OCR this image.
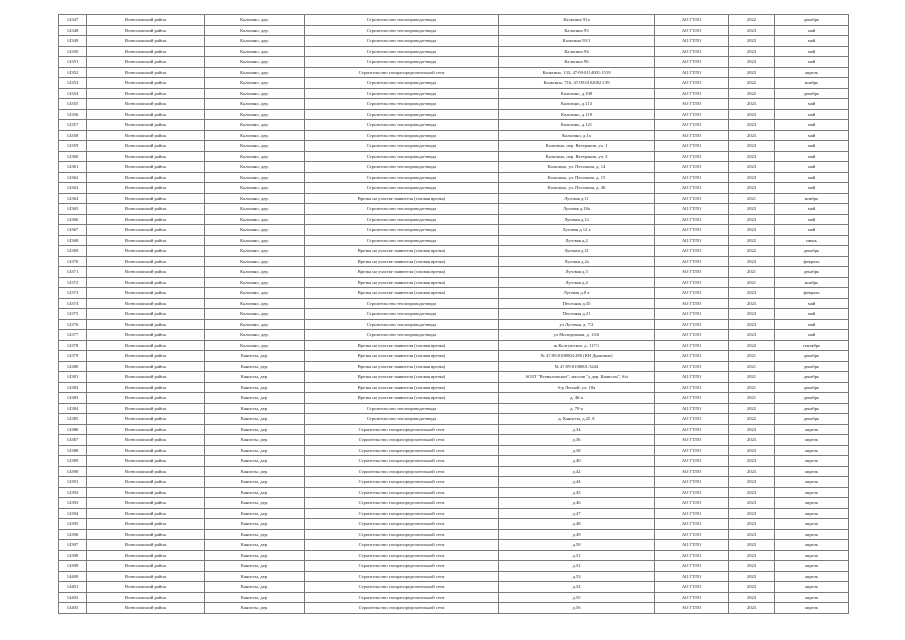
14347	Всеволожский район	Кальтино, дер.	Строительство теплопровода-ввода	Кальтино 91а	АО ГТЛО	2022	декабрь
14348	Всеволожский район	Кальтино, дер.	Строительство теплопровода-ввода	Кальтино 93	АО ГТЛО	2023	май
14349	Всеволожский район	Кальтино, дер.	Строительство теплопровода-ввода	Кальтино 93/1	АО ГТЛО	2023	май
14350	Всеволожский район	Кальтино, дер.	Строительство теплопровода-ввода	Кальтино 94	АО ГТЛО	2023	май
14351	Всеволожский район	Кальтино, дер.	Строительство теплопровода-ввода	Кальтино 96	АО ГТЛО	2023	май
14352	Всеволожский район	Кальтино, дер.	Строительство газораспределительной сети	Кальтино, 133, 47:09:0114001:1519	АО ГТЛО	2023	апрель
14353	Всеволожский район	Кальтино, дер.	Строительство теплопровода-ввода	Кальтино, 716, 47:09:0102002:139	АО ГТЛО	2022	ноябрь
14354	Всеволожский район	Кальтино, дер.	Строительство теплопровода-ввода	Кальтино, д.108	АО ГТЛО	2022	декабрь
14355	Всеволожский район	Кальтино, дер.	Строительство теплопровода-ввода	Кальтино, д.113	АО ГТЛО	2023	май
14356	Всеволожский район	Кальтино, дер.	Строительство теплопровода-ввода	Кальтино, д.119	АО ГТЛО	2023	май
14357	Всеволожский район	Кальтино, дер.	Строительство теплопровода-ввода	Кальтино, д.121	АО ГТЛО	2023	май
14358	Всеволожский район	Кальтино, дер.	Строительство теплопровода-ввода	Кальтино, д.1а	АО ГТЛО	2023	май
14359	Всеволожский район	Кальтино, дер.	Строительство теплопровода-ввода	Кальтино, пер. Ветеранов, уч. 1	АО ГТЛО	2023	май
14360	Всеволожский район	Кальтино, дер.	Строительство теплопровода-ввода	Кальтино, пер. Ветеранов, уч. 3	АО ГТЛО	2023	май
14361	Всеволожский район	Кальтино, дер.	Строительство теплопровода-ввода	Кальтино, ул. Песочная, д. 14	АО ГТЛО	2023	май
14362	Всеволожский район	Кальтино, дер.	Строительство теплопровода-ввода	Кальтино, ул. Песочная, д. 15	АО ГТЛО	2023	май
14363	Всеволожский район	Кальтино, дер.	Строительство теплопровода-ввода	Кальтино, ул. Песочная, д. 40	АО ГТЛО	2023	май
14364	Всеволожский район	Кальтино, дер.	Врезка на участке заявителя (газовая врезка)	Луговая д.11	АО ГТЛО	2021	ноябрь
14365	Всеволожский район	Кальтино, дер.	Строительство теплопровода-ввода	Луговая д.10а	АО ГТЛО	2023	май
14366	Всеволожский район	Кальтино, дер.	Строительство теплопровода-ввода	Луговая д.12	АО ГТЛО	2023	май
14367	Всеволожский район	Кальтино, дер.	Строительство теплопровода-ввода	Луговая д.12 а	АО ГТЛО	2023	май
14368	Всеволожский район	Кальтино, дер.	Строительство теплопровода-ввода	Луговая д.2	АО ГТЛО	2022	июнь
14369	Всеволожский район	Кальтино, дер.	Врезка на участке заявителя (газовая врезка)	Луговая д.21	АО ГТЛО	2022	декабрь
14370	Всеволожский район	Кальтино, дер.	Врезка на участке заявителя (газовая врезка)	Луговая д.2а	АО ГТЛО	2023	февраль
14371	Всеволожский район	Кальтино, дер.	Врезка на участке заявителя (газовая врезка)	Луговая д.3	АО ГТЛО	2021	декабрь
14372	Всеволожский район	Кальтино, дер.	Врезка на участке заявителя (газовая врезка)	Луговая д.4	АО ГТЛО	2021	ноябрь
14373	Всеволожский район	Кальтино, дер.	Врезка на участке заявителя (газовая врезка)	Луговая д.8 а	АО ГТЛО	2023	февраль
14374	Всеволожский район	Кальтино, дер.	Строительство теплопровода-ввода	Песочная д.35	АО ГТЛО	2023	май
14375	Всеволожский район	Кальтино, дер.	Строительство теплопровода-ввода	Песочная д.21	АО ГТЛО	2023	май
14376	Всеволожский район	Кальтино, дер.	Строительство теплопровода-ввода	ул Луговая, д. 7/2	АО ГТЛО	2023	май
14377	Всеволожский район	Кальтино, дер.	Строительство теплопровода-ввода	ул Молодежная, д. 13/6	АО ГТЛО	2023	май
14378	Всеволожский район	Кальтино, дер.	Врезка на участке заявителя (газовая врезка)	ш Колтушское, д. 117/1	АО ГТЛО	2022	сентябрь
14379	Всеволожский район	Канисты, дер.	Врезка на участке заявителя (газовая врезка)	№ 47:09:0108004:280 (КН Дымовые)	АО ГТЛО	2021	декабрь
14380	Всеволожский район	Канисты, дер.	Врезка на участке заявителя (газовая врезка)	№ 47:09:0108001:3244	АО ГТЛО	2021	декабрь
14381	Всеволожский район	Канисты, дер.	Врезка на участке заявителя (газовая врезка)	АОЗТ "Всеволожское", массив "у дер. Канисты", б/н	АО ГТЛО	2021	декабрь
14382	Всеволожский район	Канисты, дер.	Врезка на участке заявителя (газовая врезка)	б-р Лесной, уч. 18а	АО ГТЛО	2021	декабрь
14383	Всеволожский район	Канисты, дер.	Врезка на участке заявителя (газовая врезка)	д. 46-а	АО ГТЛО	2021	декабрь
14384	Всеволожский район	Канисты, дер.	Строительство теплопровода-ввода	д. 70-а	АО ГТЛО	2022	декабрь
14385	Всеволожский район	Канисты, дер.	Строительство теплопровода-ввода	д. Канисты, д.25 А	АО ГТЛО	2022	декабрь
14386	Всеволожский район	Канисты, дер.	Строительство газораспределительной сети	д.34	АО ГТЛО	2023	апрель
14387	Всеволожский район	Канисты, дер.	Строительство газораспределительной сети	д.36	АО ГТЛО	2023	апрель
14388	Всеволожский район	Канисты, дер.	Строительство газораспределительной сети	д.38	АО ГТЛО	2023	апрель
14389	Всеволожский район	Канисты, дер.	Строительство газораспределительной сети	д.40	АО ГТЛО	2023	апрель
14390	Всеволожский район	Канисты, дер.	Строительство газораспределительной сети	д.42	АО ГТЛО	2023	апрель
14391	Всеволожский район	Канисты, дер.	Строительство газораспределительной сети	д.44	АО ГТЛО	2023	апрель
14392	Всеволожский район	Канисты, дер.	Строительство газораспределительной сети	д.45	АО ГТЛО	2023	апрель
14393	Всеволожский район	Канисты, дер.	Строительство газораспределительной сети	д.46	АО ГТЛО	2023	апрель
14394	Всеволожский район	Канисты, дер.	Строительство газораспределительной сети	д.47	АО ГТЛО	2023	апрель
14395	Всеволожский район	Канисты, дер.	Строительство газораспределительной сети	д.48	АО ГТЛО	2023	апрель
14396	Всеволожский район	Канисты, дер.	Строительство газораспределительной сети	д.49	АО ГТЛО	2023	апрель
14397	Всеволожский район	Канисты, дер.	Строительство газораспределительной сети	д.50	АО ГТЛО	2023	апрель
14398	Всеволожский район	Канисты, дер.	Строительство газораспределительной сети	д.51	АО ГТЛО	2023	апрель
14399	Всеволожский район	Канисты, дер.	Строительство газораспределительной сети	д.52	АО ГТЛО	2023	апрель
14400	Всеволожский район	Канисты, дер.	Строительство газораспределительной сети	д.53	АО ГТЛО	2023	апрель
14401	Всеволожский район	Канисты, дер.	Строительство газораспределительной сети	д.54	АО ГТЛО	2023	апрель
14402	Всеволожский район	Канисты, дер.	Строительство газораспределительной сети	д.55	АО ГТЛО	2023	апрель
14403	Всеволожский район	Канисты, дер.	Строительство газораспределительной сети	д.56	АО ГТЛО	2023	апрель
